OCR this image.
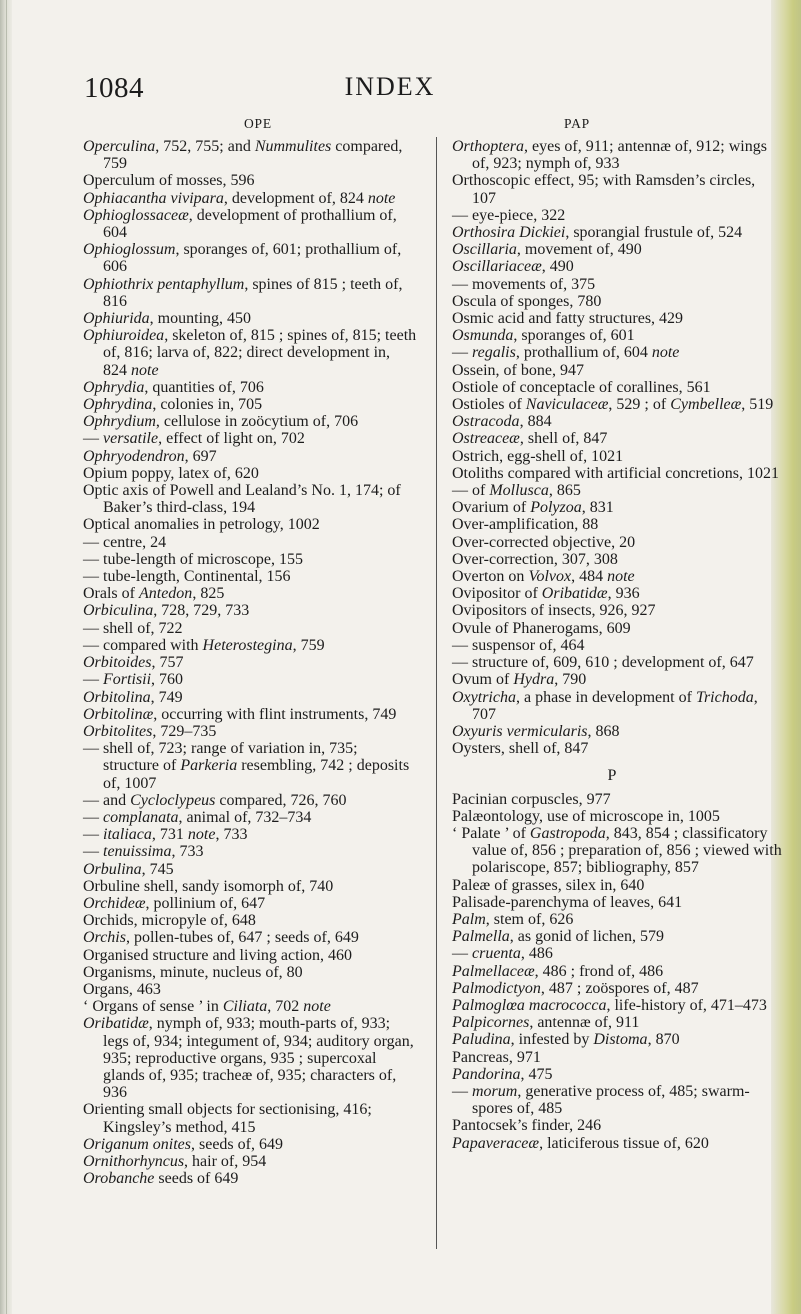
1084	INDEX
OPE	PAP

Operculina, 752, 755; and Nummulites compared, 759

Operculum of mosses, 596

Ophiacantha vivipara, development of, 824 note

Ophioglossaceæ, development of prothallium of, 604

Ophioglossum, sporanges of, 601; prothallium of, 606

Ophiothrix pentaphyllum, spines of 815 ; teeth of, 816

Ophiurida, mounting, 450

Ophiuroidea, skeleton of, 815 ; spines of, 815; teeth of, 816; larva of, 822; direct development in, 824 note

Ophrydia, quantities of, 706

Ophrydina, colonies in, 705

Ophrydium, cellulose in zoöcytium of, 706

— versatile, effect of light on, 702

Ophryodendron, 697

Opium poppy, latex of, 620

Optic axis of Powell and Lealand’s No. 1, 174; of Baker’s third-class, 194

Optical anomalies in petrology, 1002

— centre, 24

— tube-length of microscope, 155

— tube-length, Continental, 156

Orals of Antedon, 825

Orbiculina, 728, 729, 733

— shell of, 722

— compared with Heterostegina, 759

Orbitoides, 757

— Fortisii, 760

Orbitolina, 749

Orbitolinæ, occurring with flint instruments, 749

Orbitolites, 729–735

— shell of, 723; range of variation in, 735; structure of Parkeria resembling, 742 ; deposits of, 1007

— and Cycloclypeus compared, 726, 760

— complanata, animal of, 732–734

— italiaca, 731 note, 733

— tenuissima, 733

Orbulina, 745

Orbuline shell, sandy isomorph of, 740

Orchideæ, pollinium of, 647

Orchids, micropyle of, 648

Orchis, pollen-tubes of, 647 ; seeds of, 649

Organised structure and living action, 460

Organisms, minute, nucleus of, 80

Organs, 463

‘ Organs of sense ’ in Ciliata, 702 note

Oribatidæ, nymph of, 933; mouth-parts of, 933; legs of, 934; integument of, 934; auditory organ, 935; reproductive organs, 935 ; supercoxal glands of, 935; tracheæ of, 935; characters of, 936

Orienting small objects for sectionising, 416; Kingsley’s method, 415

Origanum onites, seeds of, 649

Ornithorhyncus, hair of, 954

Orobanche seeds of 649

Orthoptera, eyes of, 911; antennæ of, 912; wings of, 923; nymph of, 933

Orthoscopic effect, 95; with Ramsden’s circles, 107

— eye-piece, 322

Orthosira Dickiei, sporangial frustule of, 524

Oscillaria, movement of, 490

Oscillariaceæ, 490

— movements of, 375

Oscula of sponges, 780

Osmic acid and fatty structures, 429

Osmunda, sporanges of, 601

— regalis, prothallium of, 604 note

Ossein, of bone, 947

Ostiole of conceptacle of corallines, 561

Ostioles of Naviculaceæ, 529 ; of Cymbelleæ, 519

Ostracoda, 884

Ostreaceæ, shell of, 847

Ostrich, egg-shell of, 1021

Otoliths compared with artificial concretions, 1021

— of Mollusca, 865

Ovarium of Polyzoa, 831

Over-amplification, 88

Over-corrected objective, 20

Over-correction, 307, 308

Overton on Volvox, 484 note

Ovipositor of Oribatidæ, 936

Ovipositors of insects, 926, 927

Ovule of Phanerogams, 609

— suspensor of, 464

— structure of, 609, 610 ; development of, 647

Ovum of Hydra, 790

Oxytricha, a phase in development of Trichoda, 707

Oxyuris vermicularis, 868

Oysters, shell of, 847

P

Pacinian corpuscles, 977

Palæontology, use of microscope in, 1005

‘ Palate ’ of Gastropoda, 843, 854 ; classificatory value of, 856 ; preparation of, 856 ; viewed with polariscope, 857; bibliography, 857

Paleæ of grasses, silex in, 640

Palisade-parenchyma of leaves, 641

Palm, stem of, 626

Palmella, as gonid of lichen, 579

— cruenta, 486

Palmellaceæ, 486 ; frond of, 486

Palmodictyon, 487 ; zoöspores of, 487

Palmoglœa macrococca, life-history of, 471–473

Palpicornes, antennæ of, 911

Paludina, infested by Distoma, 870

Pancreas, 971

Pandorina, 475

— morum, generative process of, 485; swarm-spores of, 485

Pantocsek’s finder, 246

Papaveraceæ, laticiferous tissue of, 620
